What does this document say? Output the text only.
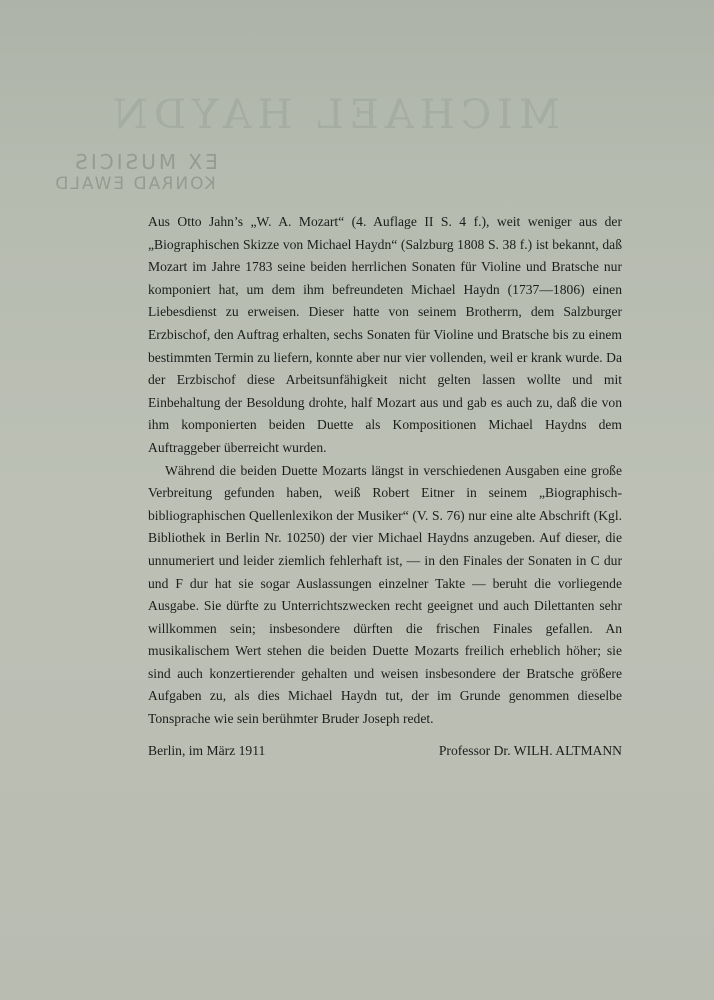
MICHAEL HAYDN
EX MUSICIS
KONRAD EWALD

Aus Otto Jahn’s „W. A. Mozart“ (4. Auflage II S. 4 f.), weit weniger aus der „Biographischen Skizze von Michael Haydn“ (Salzburg 1808 S. 38 f.) ist bekannt, daß Mozart im Jahre 1783 seine beiden herrlichen Sonaten für Violine und Bratsche nur komponiert hat, um dem ihm befreundeten Michael Haydn (1737—1806) einen Liebesdienst zu erweisen. Dieser hatte von seinem Brotherrn, dem Salzburger Erzbischof, den Auftrag erhalten, sechs Sonaten für Violine und Bratsche bis zu einem bestimmten Termin zu liefern, konnte aber nur vier vollenden, weil er krank wurde. Da der Erzbischof diese Arbeitsunfähigkeit nicht gelten lassen wollte und mit Einbehaltung der Besoldung drohte, half Mozart aus und gab es auch zu, daß die von ihm komponierten beiden Duette als Kompositionen Michael Haydns dem Auftraggeber überreicht wurden.

Während die beiden Duette Mozarts längst in verschiedenen Ausgaben eine große Verbreitung gefunden haben, weiß Robert Eitner in seinem „Biographisch-bibliographischen Quellenlexikon der Musiker“ (V. S. 76) nur eine alte Abschrift (Kgl. Bibliothek in Berlin Nr. 10250) der vier Michael Haydns anzugeben. Auf dieser, die unnumeriert und leider ziemlich fehlerhaft ist, — in den Finales der Sonaten in C dur und F dur hat sie sogar Auslassungen einzelner Takte — beruht die vorliegende Ausgabe. Sie dürfte zu Unterrichtszwecken recht geeignet und auch Dilettanten sehr willkommen sein; insbesondere dürften die frischen Finales gefallen. An musikalischem Wert stehen die beiden Duette Mozarts freilich erheblich höher; sie sind auch konzertierender gehalten und weisen insbesondere der Bratsche größere Aufgaben zu, als dies Michael Haydn tut, der im Grunde genommen dieselbe Tonsprache wie sein berühmter Bruder Joseph redet.

Berlin, im März 1911	Professor Dr. WILH. ALTMANN
